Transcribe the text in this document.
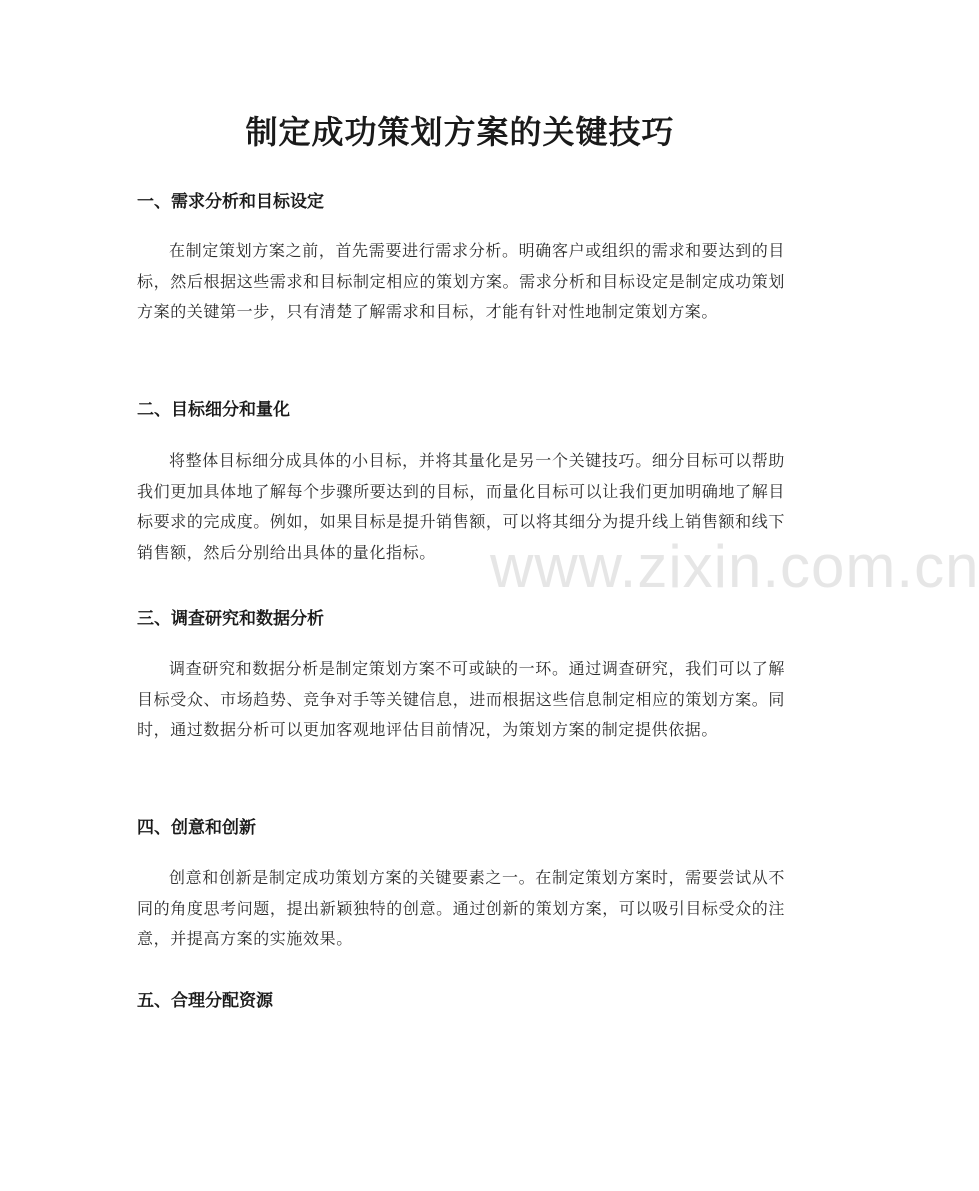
制定成功策划方案的关键技巧
一、需求分析和目标设定
在制定策划方案之前，首先需要进行需求分析。明确客户或组织的需求和要达到的目标，然后根据这些需求和目标制定相应的策划方案。需求分析和目标设定是制定成功策划方案的关键第一步，只有清楚了解需求和目标，才能有针对性地制定策划方案。
二、目标细分和量化
将整体目标细分成具体的小目标，并将其量化是另一个关键技巧。细分目标可以帮助我们更加具体地了解每个步骤所要达到的目标，而量化目标可以让我们更加明确地了解目标要求的完成度。例如，如果目标是提升销售额，可以将其细分为提升线上销售额和线下销售额，然后分别给出具体的量化指标。
三、调查研究和数据分析
调查研究和数据分析是制定策划方案不可或缺的一环。通过调查研究，我们可以了解目标受众、市场趋势、竞争对手等关键信息，进而根据这些信息制定相应的策划方案。同时，通过数据分析可以更加客观地评估目前情况，为策划方案的制定提供依据。
四、创意和创新
创意和创新是制定成功策划方案的关键要素之一。在制定策划方案时，需要尝试从不同的角度思考问题，提出新颖独特的创意。通过创新的策划方案，可以吸引目标受众的注意，并提高方案的实施效果。
五、合理分配资源
www.zixin.com.cn
